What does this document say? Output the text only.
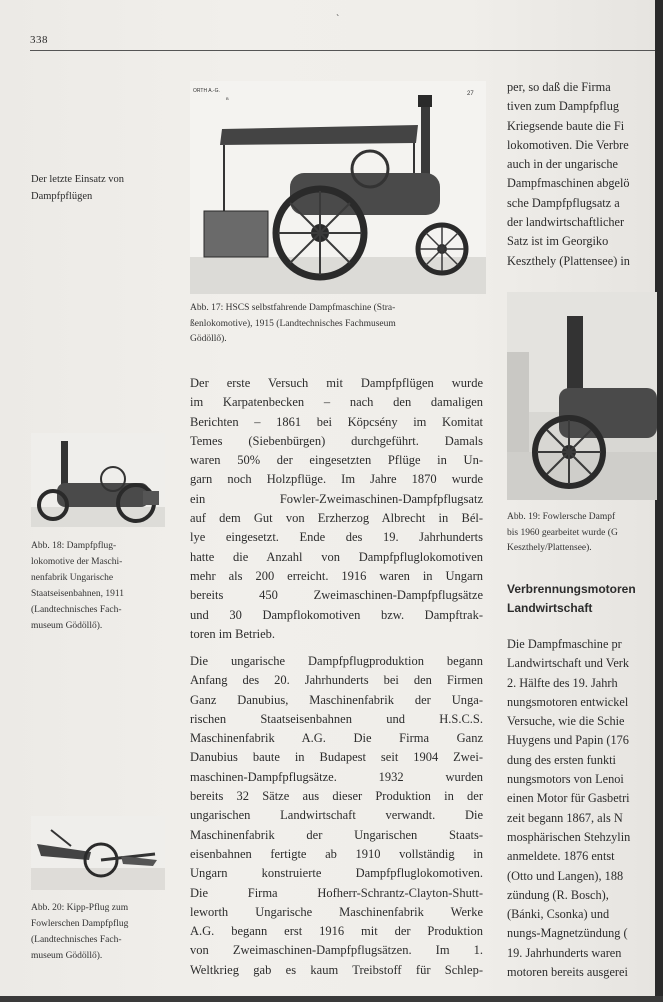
`
338
Der letzte Einsatz von Dampfpflügen
ORTH A.-G.
B
27
Abb. 17: HSCS selbstfahrende Dampfmaschine (Stra-
ßenlokomotive), 1915 (Landtechnisches Fachmuseum
Gödöllő).
Abb. 18: Dampfpflug-
lokomotive der Maschi-
nenfabrik Ungarische
Staatseisenbahnen, 1911
(Landtechnisches Fach-
museum Gödöllő).
Abb. 20: Kipp-Pflug zum
Fowlerschen Dampfpflug
(Landtechnisches Fach-
museum Gödöllő).
Der erste Versuch mit Dampfpflügen wurde
im Karpatenbecken – nach den damaligen
Berichten – 1861 bei Köpcsény im Komitat
Temes (Siebenbürgen) durchgeführt. Damals
waren 50% der eingesetzten Pflüge in Un-
garn noch Holzpflüge. Im Jahre 1870 wurde
ein Fowler-Zweimaschinen-Dampfpflugsatz
auf dem Gut von Erzherzog Albrecht in Bél-
lye eingesetzt. Ende des 19. Jahrhunderts
hatte die Anzahl von Dampfpfluglokomotiven
mehr als 200 erreicht. 1916 waren in Ungarn
bereits 450 Zweimaschinen-Dampfpflugsätze
und 30 Dampflokomotiven bzw. Dampftrak-
toren im Betrieb.
Die ungarische Dampfpflugproduktion begann
Anfang des 20. Jahrhunderts bei den Firmen
Ganz Danubius, Maschinenfabrik der Unga-
rischen Staatseisenbahnen und H.S.C.S.
Maschinenfabrik A.G. Die Firma Ganz
Danubius baute in Budapest seit 1904 Zwei-
maschinen-Dampfpflugsätze. 1932 wurden
bereits 32 Sätze aus dieser Produktion in der
ungarischen Landwirtschaft verwandt. Die
Maschinenfabrik der Ungarischen Staats-
eisenbahnen fertigte ab 1910 vollständig in
Ungarn konstruierte Dampfpfluglokomotiven.
Die Firma Hofherr-Schrantz-Clayton-Shutt-
leworth Ungarische Maschinenfabrik Werke
A.G. begann erst 1916 mit der Produktion
von Zweimaschinen-Dampfpflugsätzen. Im 1.
Weltkrieg gab es kaum Treibstoff für Schlep-
per, so daß die Firma
tiven zum Dampfpflug
Kriegsende baute die Fi
lokomotiven. Die Verbre
auch in der ungarische
Dampfmaschinen abgelö
sche Dampfpflugsatz a
der landwirtschaftlicher
Satz ist im Georgiko
Keszthely (Plattensee) in
Abb. 19: Fowlersche Dampf
bis 1960 gearbeitet wurde (G
Keszthely/Plattensee).
Verbrennungsmotoren
Landwirtschaft
Die Dampfmaschine pr
Landwirtschaft und Verk
2. Hälfte des 19. Jahrh
nungsmotoren entwickel
Versuche, wie die Schie
Huygens und Papin (176
dung des ersten funkti
nungsmotors von Lenoi
einen Motor für Gasbetri
zeit begann 1867, als N
mosphärischen Stehzylin
anmeldete. 1876 entst
(Otto und Langen), 188
zündung (R. Bosch),
(Bánki, Csonka) und
nungs-Magnetzündung (
19. Jahrhunderts waren
motoren bereits ausgerei
